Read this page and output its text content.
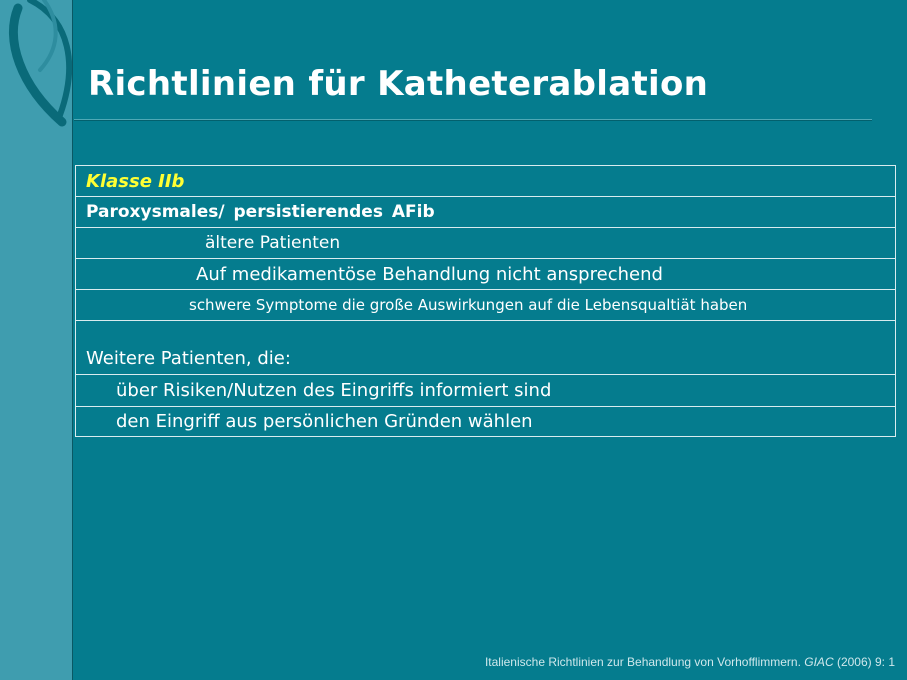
Richtlinien für Katheterablation
Klasse IIb
Paroxysmales/ persistierendes AFib
ältere Patienten
Auf medikamentöse Behandlung nicht ansprechend
schwere Symptome die große Auswirkungen auf die Lebensqualtiät haben
Weitere Patienten, die:
über Risiken/Nutzen des Eingriffs informiert sind
den Eingriff aus persönlichen Gründen wählen
Italienische Richtlinien zur Behandlung von Vorhofflimmern. GIAC (2006) 9: 1
